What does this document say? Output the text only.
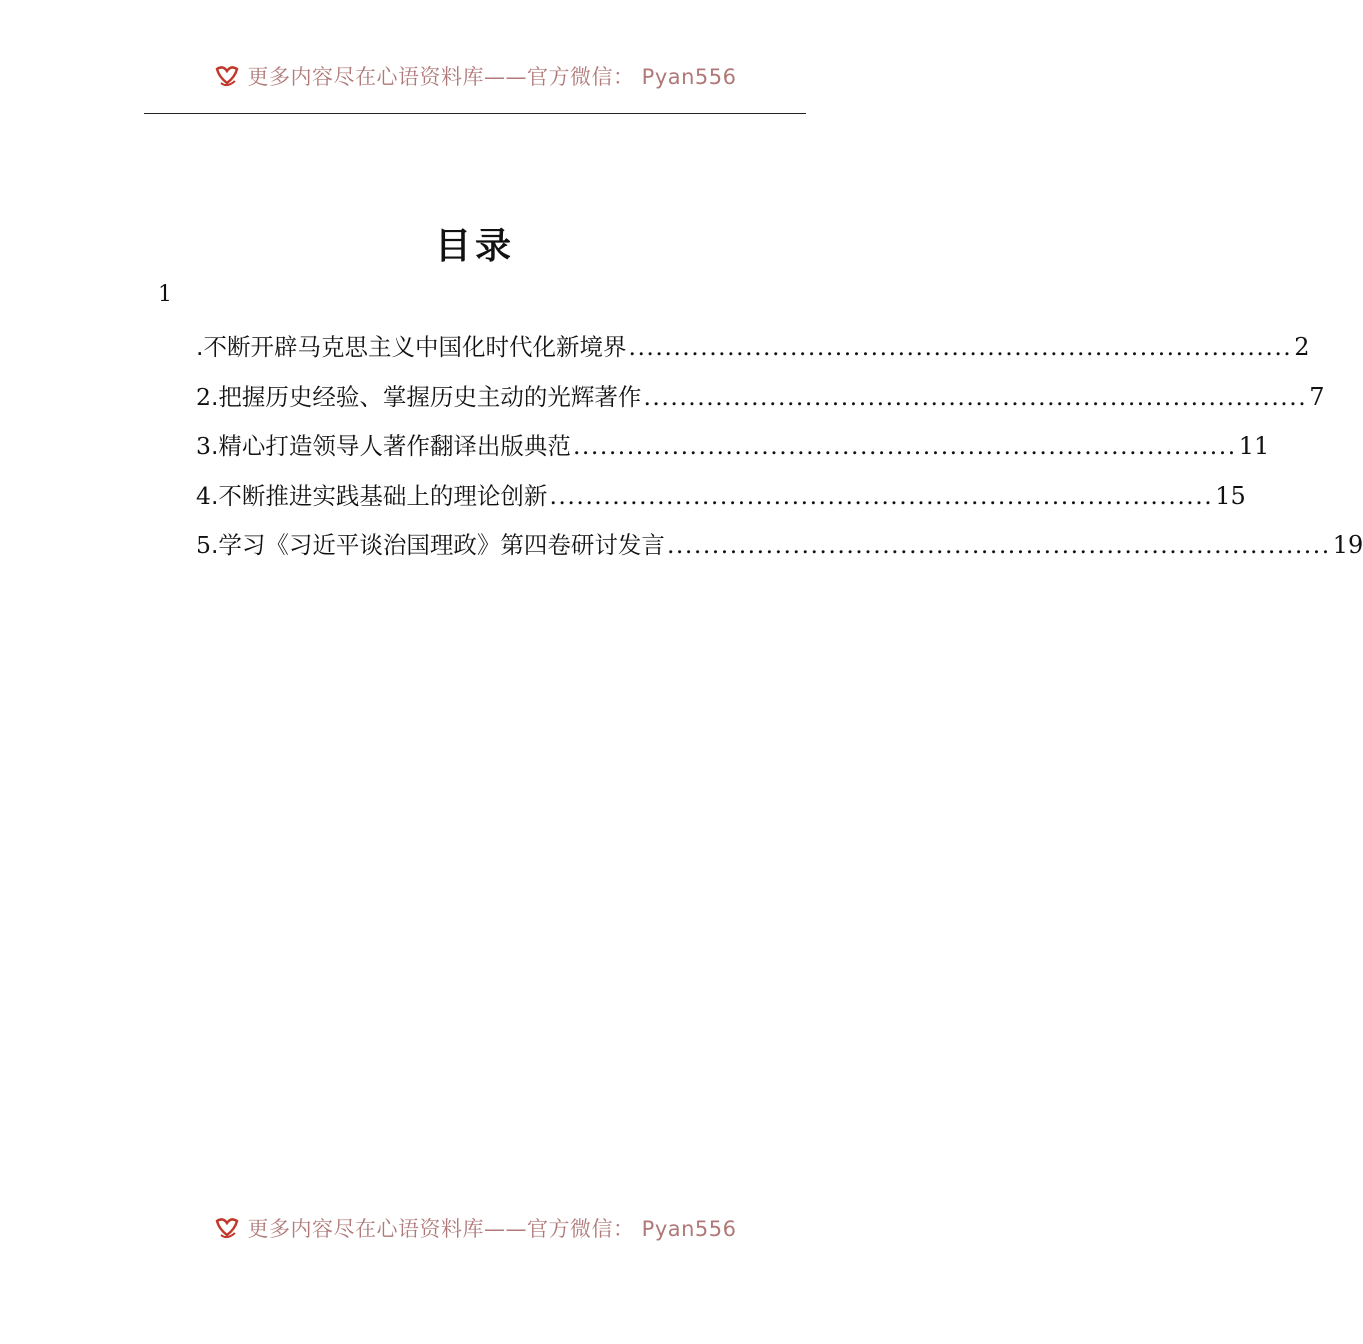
更多内容尽在心语资料库——官方微信： Pyan556
目录
1
.不断开辟马克思主义中国化时代化新境界 .......................................................................... 2
2.把握历史经验、掌握历史主动的光辉著作 .......................................................................... 7
3.精心打造领导人著作翻译出版典范 .......................................................................... 11
4.不断推进实践基础上的理论创新 .......................................................................... 15
5.学习《习近平谈治国理政》第四卷研讨发言 .......................................................................... 19
更多内容尽在心语资料库——官方微信： Pyan556
